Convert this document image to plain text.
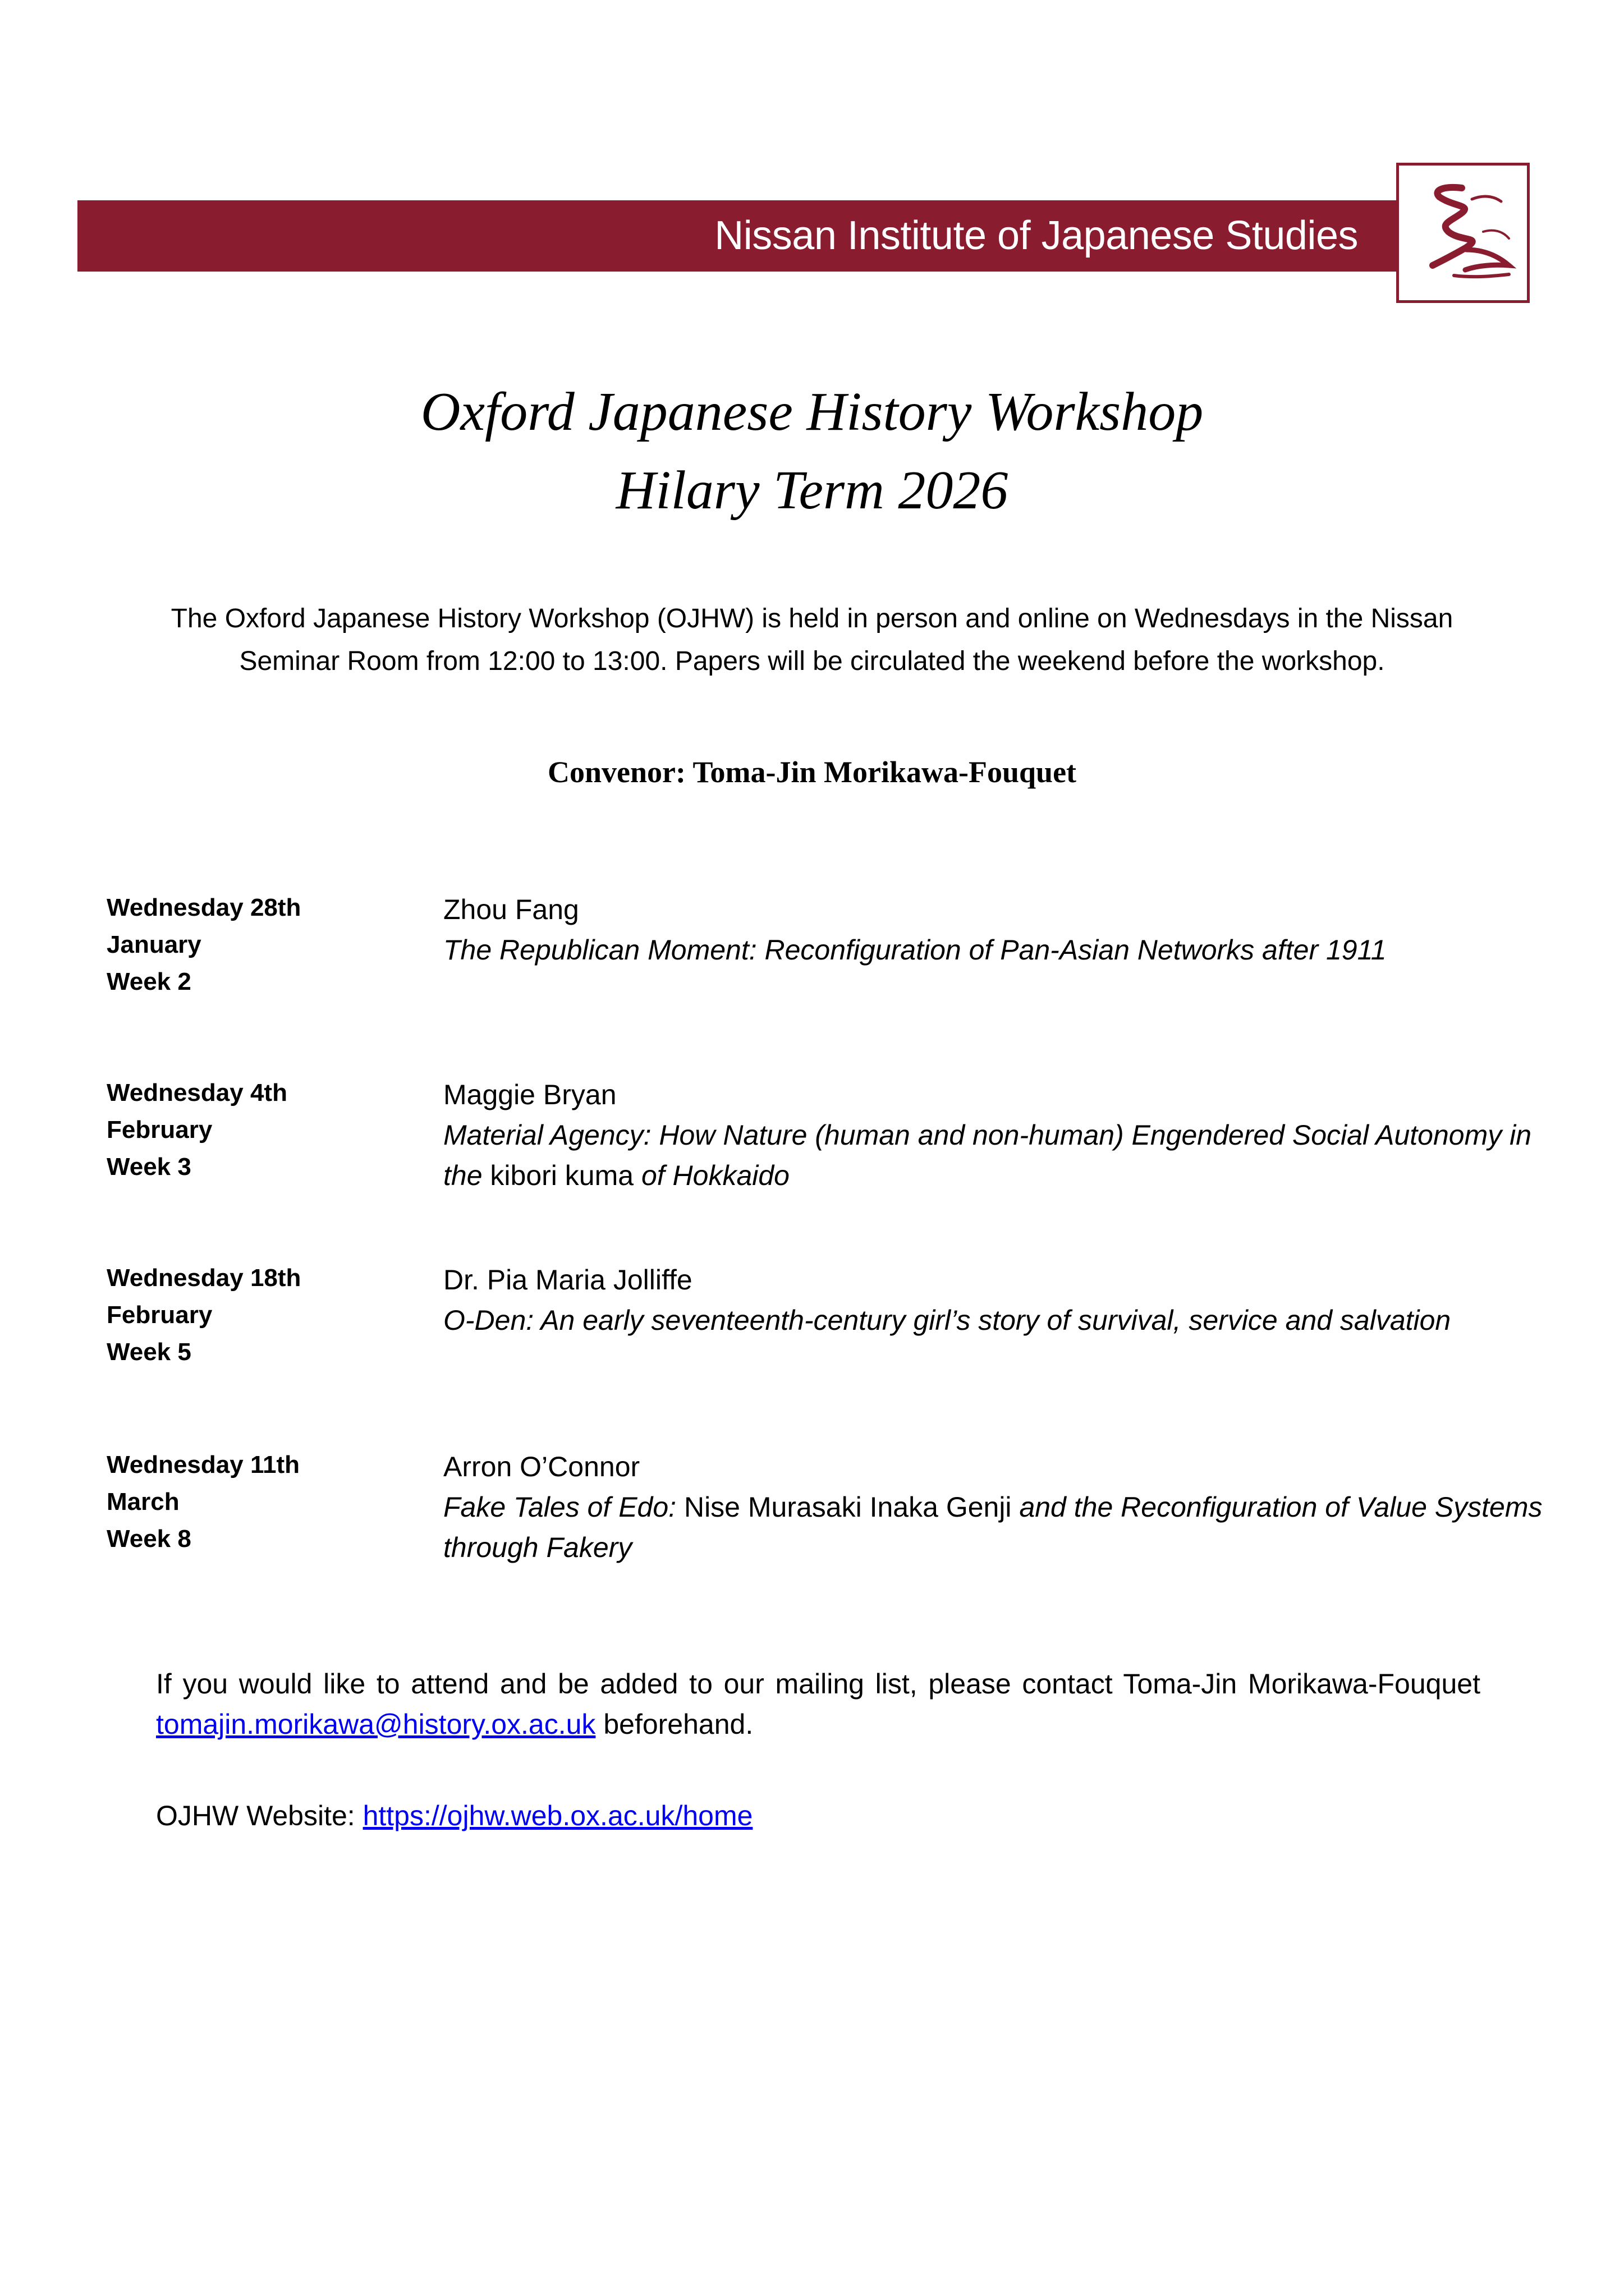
Nissan Institute of Japanese Studies
Oxford Japanese History Workshop
Hilary Term 2026
The Oxford Japanese History Workshop (OJHW) is held in person and online on Wednesdays in the Nissan
Seminar Room from 12:00 to 13:00. Papers will be circulated the weekend before the workshop.
Convenor: Toma-Jin Morikawa-Fouquet
Wednesday 28th
January
Week 2
Zhou Fang
The Republican Moment: Reconfiguration of Pan-Asian Networks after 1911
Wednesday 4th
February
Week 3
Maggie Bryan
Material Agency: How Nature (human and non-human) Engendered Social Autonomy in the kibori kuma of Hokkaido
Wednesday 18th
February
Week 5
Dr. Pia Maria Jolliffe
O-Den: An early seventeenth-century girl’s story of survival, service and salvation
Wednesday 11th
March
Week 8
Arron O’Connor
Fake Tales of Edo: Nise Murasaki Inaka Genji and the Reconfiguration of Value Systems through Fakery
If you would like to attend and be added to our mailing list, please contact Toma-Jin Morikawa-Fouquet tomajin.morikawa@history.ox.ac.uk beforehand.
OJHW Website: https://ojhw.web.ox.ac.uk/home
